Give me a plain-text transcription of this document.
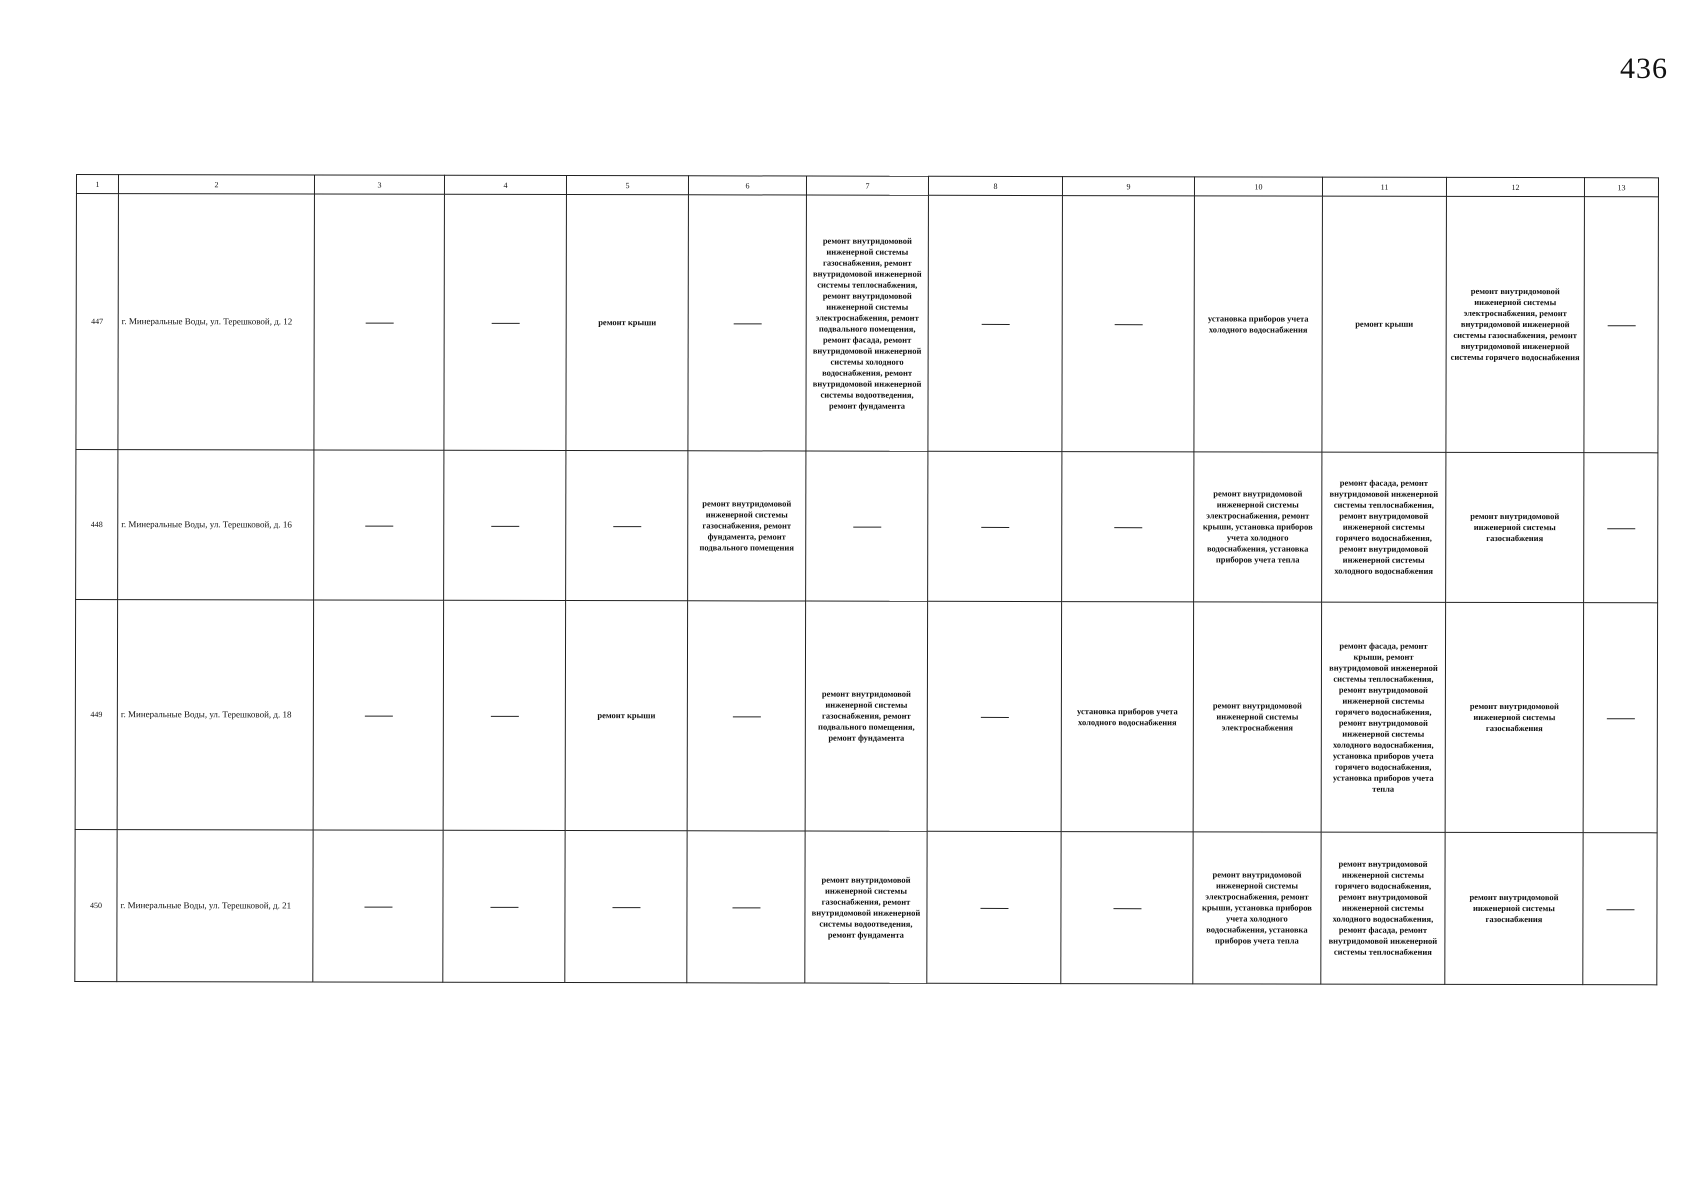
436
1	2	3	4	5	6	7	8	9	10	11	12	13
447	г. Минеральные Воды, ул. Терешковой, д. 12			ремонт крыши		ремонт внутридомовой инженерной системы газоснабжения, ремонт внутридомовой инженерной системы теплоснабжения, ремонт внутридомовой инженерной системы электроснабжения, ремонт подвального помещения, ремонт фасада, ремонт внутридомовой инженерной системы холодного водоснабжения, ремонт внутридомовой инженерной системы водоотведения, ремонт фундамента			установка приборов учета холодного водоснабжения	ремонт крыши	ремонт внутридомовой инженерной системы электроснабжения, ремонт внутридомовой инженерной системы газоснабжения, ремонт внутридомовой инженерной системы горячего водоснабжения	
448	г. Минеральные Воды, ул. Терешковой, д. 16				ремонт внутридомовой инженерной системы газоснабжения, ремонт фундамента, ремонт подвального помещения				ремонт внутридомовой инженерной системы электроснабжения, ремонт крыши, установка приборов учета холодного водоснабжения, установка приборов учета тепла	ремонт фасада, ремонт внутридомовой инженерной системы теплоснабжения, ремонт внутридомовой инженерной системы горячего водоснабжения, ремонт внутридомовой инженерной системы холодного водоснабжения	ремонт внутридомовой инженерной системы газоснабжения	
449	г. Минеральные Воды, ул. Терешковой, д. 18			ремонт крыши		ремонт внутридомовой инженерной системы газоснабжения, ремонт подвального помещения, ремонт фундамента		установка приборов учета холодного водоснабжения	ремонт внутридомовой инженерной системы электроснабжения	ремонт фасада, ремонт крыши, ремонт внутридомовой инженерной системы теплоснабжения, ремонт внутридомовой инженерной системы горячего водоснабжения, ремонт внутридомовой инженерной системы холодного водоснабжения, установка приборов учета горячего водоснабжения, установка приборов учета тепла	ремонт внутридомовой инженерной системы газоснабжения	
450	г. Минеральные Воды, ул. Терешковой, д. 21					ремонт внутридомовой инженерной системы газоснабжения, ремонт внутридомовой инженерной системы водоотведения, ремонт фундамента			ремонт внутридомовой инженерной системы электроснабжения, ремонт крыши, установка приборов учета холодного водоснабжения, установка приборов учета тепла	ремонт внутридомовой инженерной системы горячего водоснабжения, ремонт внутридомовой инженерной системы холодного водоснабжения, ремонт фасада, ремонт внутридомовой инженерной системы теплоснабжения	ремонт внутридомовой инженерной системы газоснабжения	
